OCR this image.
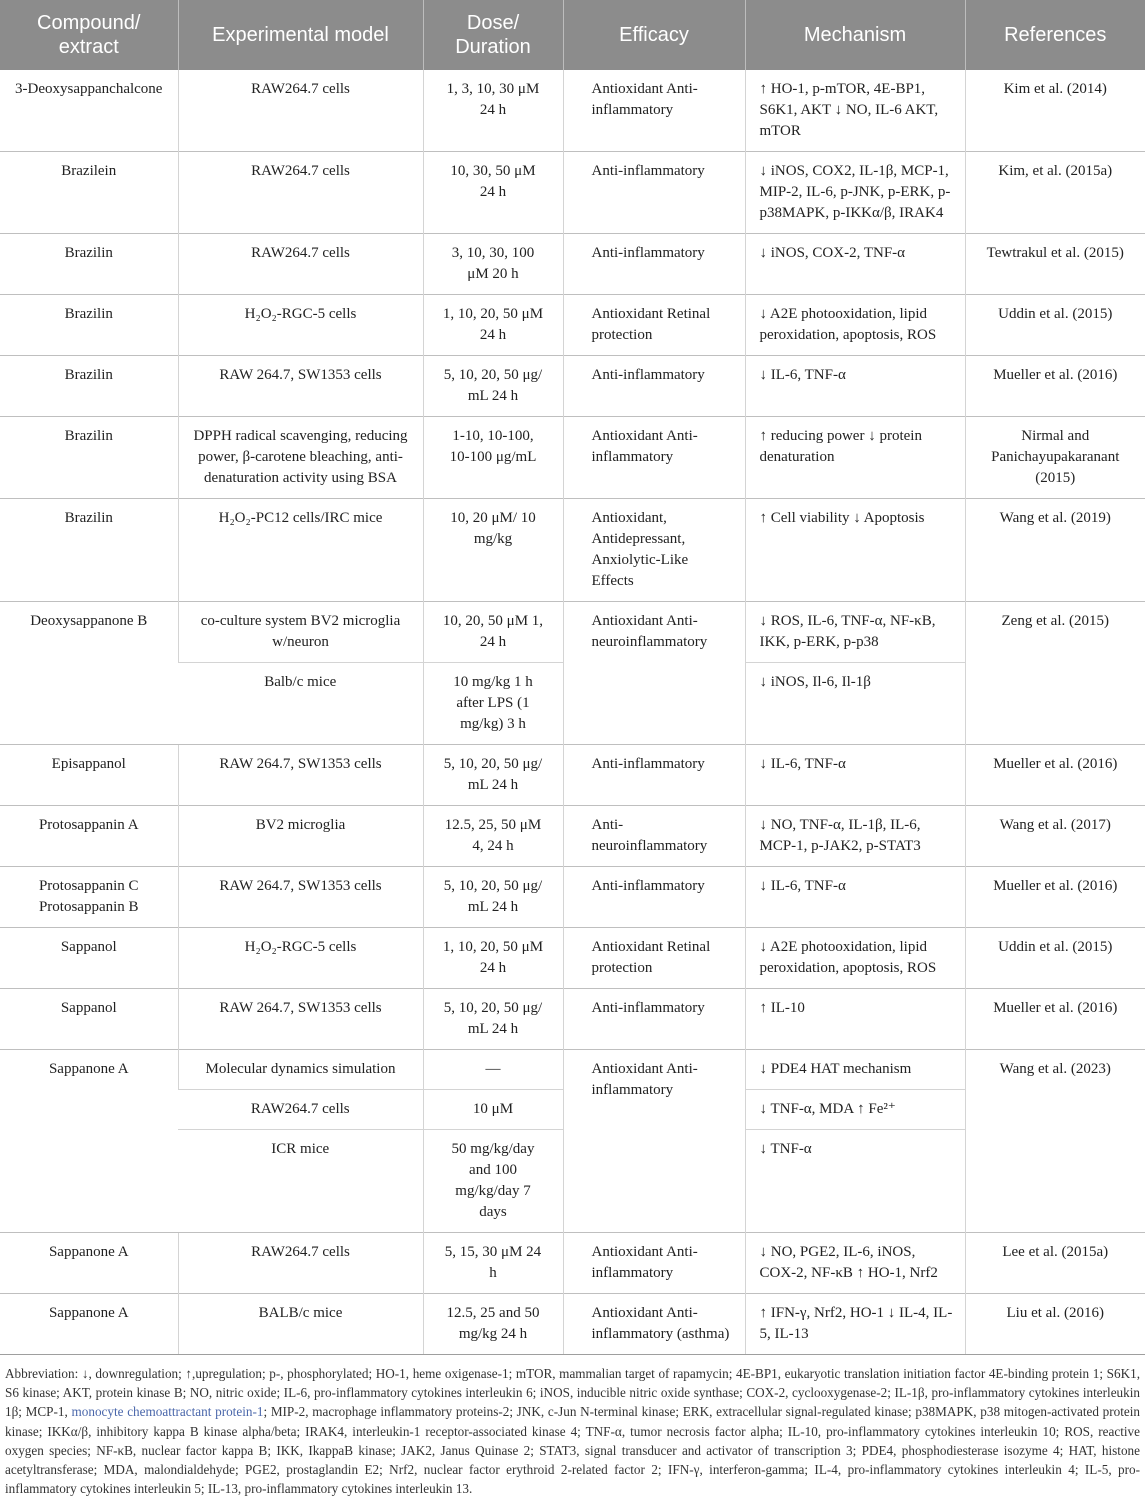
Compound/ extract	Experimental model	Dose/ Duration	Efficacy	Mechanism	References
3-Deoxysappanchalcone	RAW264.7 cells	1, 3, 10, 30 μM 24 h	Antioxidant Anti-inflammatory	↑ HO-1, p-mTOR, 4E-BP1, S6K1, AKT ↓ NO, IL-6 AKT, mTOR	Kim et al. (2014)
Brazilein	RAW264.7 cells	10, 30, 50 μM 24 h	Anti-inflammatory	↓ iNOS, COX2, IL-1β, MCP-1, MIP-2, IL-6, p-JNK, p-ERK, p-p38MAPK, p-IKKα/β, IRAK4	Kim, et al. (2015a)
Brazilin	RAW264.7 cells	3, 10, 30, 100 μM 20 h	Anti-inflammatory	↓ iNOS, COX-2, TNF-α	Tewtrakul et al. (2015)
Brazilin	H₂O₂-RGC-5 cells	1, 10, 20, 50 μM 24 h	Antioxidant Retinal protection	↓ A2E photooxidation, lipid peroxidation, apoptosis, ROS	Uddin et al. (2015)
Brazilin	RAW 264.7, SW1353 cells	5, 10, 20, 50 μg/ mL 24 h	Anti-inflammatory	↓ IL-6, TNF-α	Mueller et al. (2016)
Brazilin	DPPH radical scavenging, reducing power, β-carotene bleaching, anti-denaturation activity using BSA	1-10, 10-100, 10-100 μg/mL	Antioxidant Anti-inflammatory	↑ reducing power ↓ protein denaturation	Nirmal and Panichayupakaranant (2015)
Brazilin	H₂O₂-PC12 cells/IRC mice	10, 20 μM/ 10 mg/kg	Antioxidant, Antidepressant, Anxiolytic-Like Effects	↑ Cell viability ↓ Apoptosis	Wang et al. (2019)
Deoxysappanone B	co-culture system BV2 microglia w/neuron	10, 20, 50 μM 1, 24 h	Antioxidant Anti-neuroinflammatory	↓ ROS, IL-6, TNF-α, NF-κB, IKK, p-ERK, p-p38	Zeng et al. (2015)
	Balb/c mice	10 mg/kg 1 h after LPS (1 mg/kg) 3 h		↓ iNOS, Il-6, Il-1β	
Episappanol	RAW 264.7, SW1353 cells	5, 10, 20, 50 μg/ mL 24 h	Anti-inflammatory	↓ IL-6, TNF-α	Mueller et al. (2016)
Protosappanin A	BV2 microglia	12.5, 25, 50 μM 4, 24 h	Anti-neuroinflammatory	↓ NO, TNF-α, IL-1β, IL-6, MCP-1, p-JAK2, p-STAT3	Wang et al. (2017)
Protosappanin C Protosappanin B	RAW 264.7, SW1353 cells	5, 10, 20, 50 μg/ mL 24 h	Anti-inflammatory	↓ IL-6, TNF-α	Mueller et al. (2016)
Sappanol	H₂O₂-RGC-5 cells	1, 10, 20, 50 μM 24 h	Antioxidant Retinal protection	↓ A2E photooxidation, lipid peroxidation, apoptosis, ROS	Uddin et al. (2015)
Sappanol	RAW 264.7, SW1353 cells	5, 10, 20, 50 μg/ mL 24 h	Anti-inflammatory	↑ IL-10	Mueller et al. (2016)
Sappanone A	Molecular dynamics simulation	—	Antioxidant Anti-inflammatory	↓ PDE4 HAT mechanism	Wang et al. (2023)
	RAW264.7 cells	10 μM		↓ TNF-α, MDA ↑ Fe²⁺	
	ICR mice	50 mg/kg/day and 100 mg/kg/day 7 days		↓ TNF-α	
Sappanone A	RAW264.7 cells	5, 15, 30 μM 24 h	Antioxidant Anti-inflammatory	↓ NO, PGE2, IL-6, iNOS, COX-2, NF-κB ↑ HO-1, Nrf2	Lee et al. (2015a)
Sappanone A	BALB/c mice	12.5, 25 and 50 mg/kg 24 h	Antioxidant Anti-inflammatory (asthma)	↑ IFN-γ, Nrf2, HO-1 ↓ IL-4, IL-5, IL-13	Liu et al. (2016)
Abbreviation: ↓, downregulation; ↑,upregulation; p-, phosphorylated; HO-1, heme oxigenase-1; mTOR, mammalian target of rapamycin; 4E-BP1, eukaryotic translation initiation factor 4E-binding protein 1; S6K1, S6 kinase; AKT, protein kinase B; NO, nitric oxide; IL-6, pro-inflammatory cytokines interleukin 6; iNOS, inducible nitric oxide synthase; COX-2, cyclooxygenase-2; IL-1β, pro-inflammatory cytokines interleukin 1β; MCP-1, monocyte chemoattractant protein-1; MIP-2, macrophage inflammatory proteins-2; JNK, c-Jun N-terminal kinase; ERK, extracellular signal-regulated kinase; p38MAPK, p38 mitogen-activated protein kinase; IKKα/β, inhibitory kappa B kinase alpha/beta; IRAK4, interleukin-1 receptor-associated kinase 4; TNF-α, tumor necrosis factor alpha; IL-10, pro-inflammatory cytokines interleukin 10; ROS, reactive oxygen species; NF-κB, nuclear factor kappa B; IKK, IkappaB kinase; JAK2, Janus Quinase 2; STAT3, signal transducer and activator of transcription 3; PDE4, phosphodiesterase isozyme 4; HAT, histone acetyltransferase; MDA, malondialdehyde; PGE2, prostaglandin E2; Nrf2, nuclear factor erythroid 2-related factor 2; IFN-γ, interferon-gamma; IL-4, pro-inflammatory cytokines interleukin 4; IL-5, pro-inflammatory cytokines interleukin 5; IL-13, pro-inflammatory cytokines interleukin 13.
